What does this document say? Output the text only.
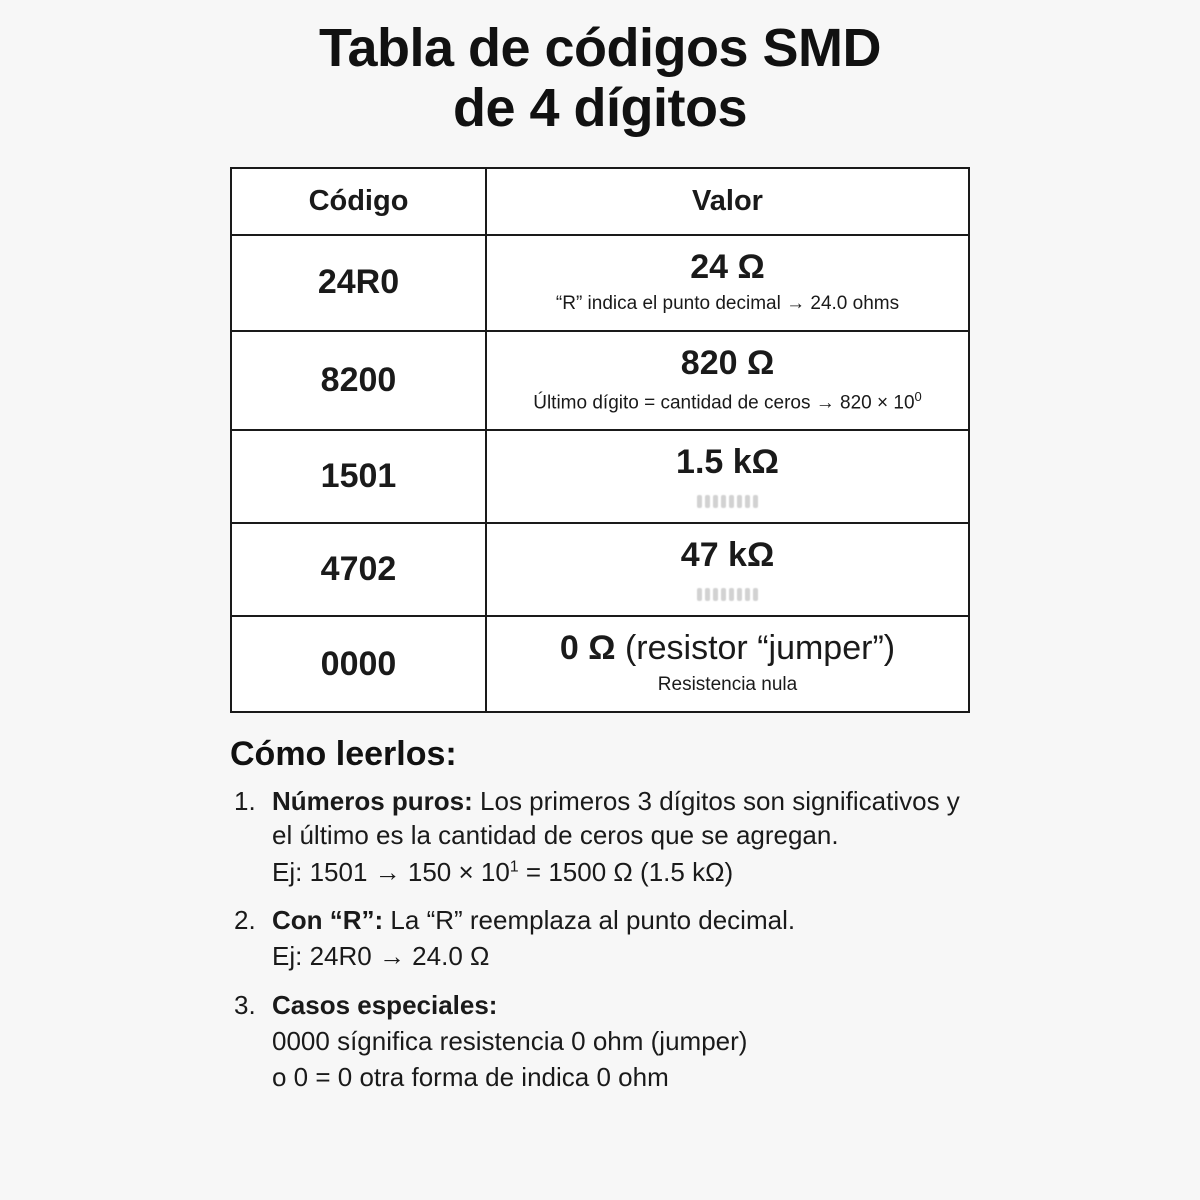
Tabla de códigos SMD
de 4 dígitos
Código	Valor
24R0	24 Ω
“R” indica el punto decimal → 24.0 ohms

8200	820 Ω
Último dígito = cantidad de ceros → $820 \times 10^0$

1501	1.5 kΩ

4702	47 kΩ

0000	0 Ω (resistor “jumper”)
Resistencia nula
Cómo leerlos:
1. Números puros: Los primeros 3 dígitos son significativos y el último es la cantidad de ceros que se agregan.
Ej: $1501 \to 150 \times 10^1 = 1500$ Ω (1.5 kΩ)
2. Con “R”: La “R” reemplaza al punto decimal.
Ej: 24R0 → 24.0 Ω
3. Casos especiales:
0000 sígnifica resistencia 0 ohm (jumper)
o 0 = 0 otra forma de indica 0 ohm
